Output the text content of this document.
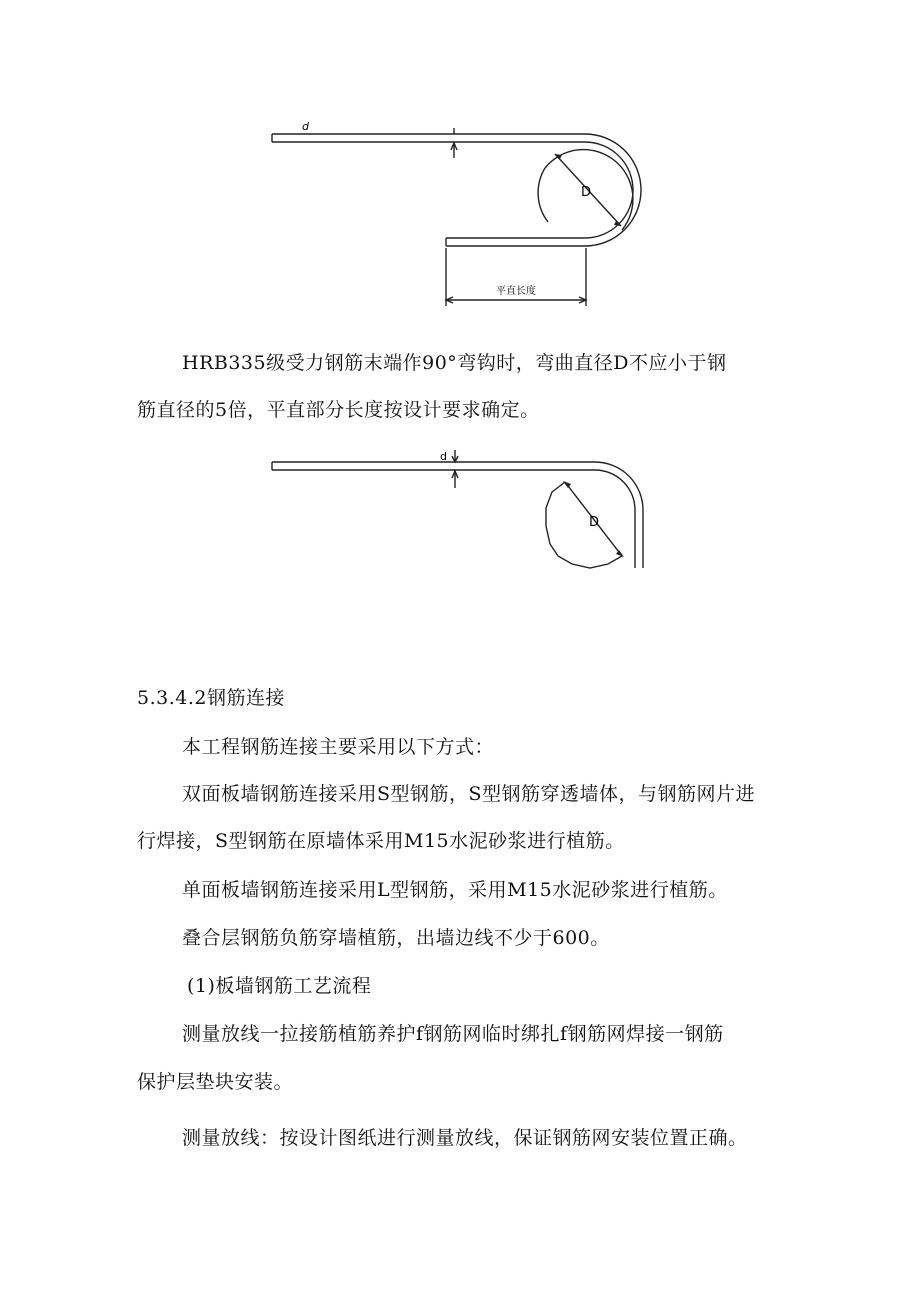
d
D
平直长度
HRB335级受力钢筋末端作90°弯钩时，弯曲直径D不应小于钢
筋直径的5倍，平直部分长度按设计要求确定。
d
D
5.3.4.2钢筋连接
本工程钢筋连接主要采用以下方式：
双面板墙钢筋连接采用S型钢筋，S型钢筋穿透墙体，与钢筋网片进
行焊接，S型钢筋在原墙体采用M15水泥砂浆进行植筋。
单面板墙钢筋连接采用L型钢筋，采用M15水泥砂浆进行植筋。
叠合层钢筋负筋穿墙植筋，出墙边线不少于600。
(1)板墙钢筋工艺流程
测量放线一拉接筋植筋养护f钢筋网临时绑扎f钢筋网焊接一钢筋
保护层垫块安装。
测量放线：按设计图纸进行测量放线，保证钢筋网安装位置正确。
